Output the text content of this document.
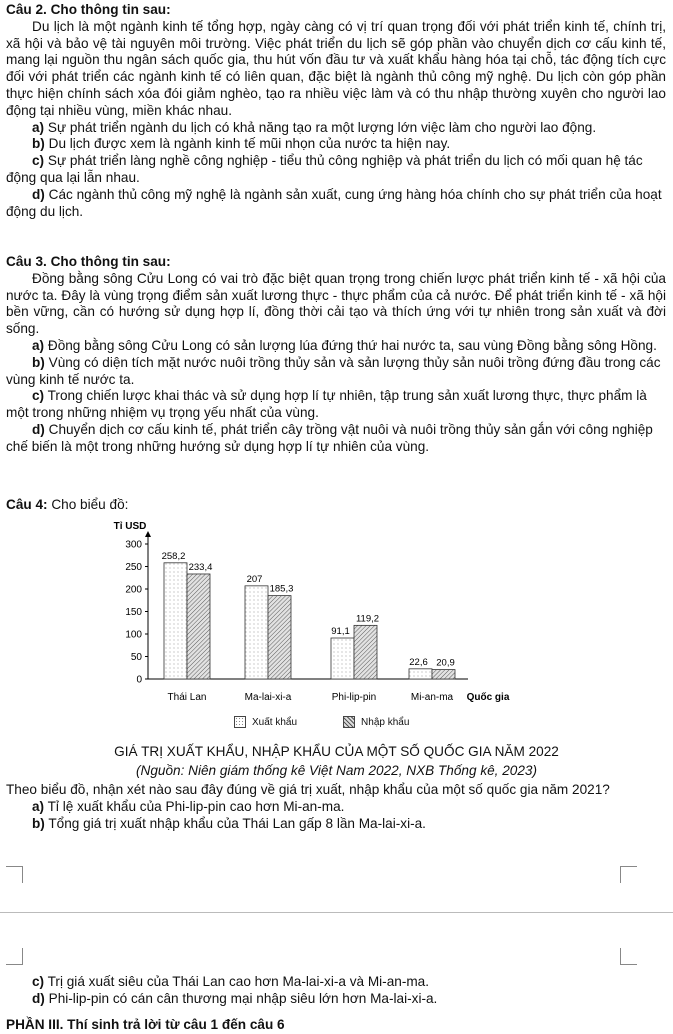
Câu 2. Cho thông tin sau:

Du lịch là một ngành kinh tế tổng hợp, ngày càng có vị trí quan trọng đối với phát triển kinh tế, chính trị, xã hội và bảo vệ tài nguyên môi trường. Việc phát triển du lịch sẽ góp phần vào chuyển dịch cơ cấu kinh tế, mang lại nguồn thu ngân sách quốc gia, thu hút vốn đầu tư và xuất khẩu hàng hóa tại chỗ, tác động tích cực đối với phát triển các ngành kinh tế có liên quan, đặc biệt là ngành thủ công mỹ nghệ. Du lịch còn góp phần thực hiện chính sách xóa đói giảm nghèo, tạo ra nhiều việc làm và có thu nhập thường xuyên cho người lao động tại nhiều vùng, miền khác nhau.

a) Sự phát triển ngành du lịch có khả năng tạo ra một lượng lớn việc làm cho người lao động.

b) Du lịch được xem là ngành kinh tế mũi nhọn của nước ta hiện nay.

c) Sự phát triển làng nghề công nghiệp - tiểu thủ công nghiệp và phát triển du lịch có mối quan hệ tác động qua lại lẫn nhau.

d) Các ngành thủ công mỹ nghệ là ngành sản xuất, cung ứng hàng hóa chính cho sự phát triển của hoạt động du lịch.

Câu 3. Cho thông tin sau:

Đồng bằng sông Cửu Long có vai trò đặc biệt quan trọng trong chiến lược phát triển kinh tế - xã hội của nước ta. Đây là vùng trọng điểm sản xuất lương thực - thực phẩm của cả nước. Để phát triển kinh tế - xã hội bền vững, cần có hướng sử dụng hợp lí, đồng thời cải tạo và thích ứng với tự nhiên trong sản xuất và đời sống.

a) Đồng bằng sông Cửu Long có sản lượng lúa đứng thứ hai nước ta, sau vùng Đồng bằng sông Hồng.

b) Vùng có diện tích mặt nước nuôi trồng thủy sản và sản lượng thủy sản nuôi trồng đứng đầu trong các vùng kinh tế nước ta.

c) Trong chiến lược khai thác và sử dụng hợp lí tự nhiên, tập trung sản xuất lương thực, thực phẩm là một trong những nhiệm vụ trọng yếu nhất của vùng.

d) Chuyển dịch cơ cấu kinh tế, phát triển cây trồng vật nuôi và nuôi trồng thủy sản gắn với công nghiệp chế biến là một trong những hướng sử dụng hợp lí tự nhiên của vùng.

Câu 4: Cho biểu đồ:

Tỉ USD
0
50
100
150
200
250
300
258,2
233,4
207
185,3
91,1
119,2
22,6 20,9
Thái Lan	Ma-lai-xi-a	Phi-lip-pin	Mi-an-ma Quốc gia
Xuất khẩu	Nhập khẩu
GIÁ TRỊ XUẤT KHẨU, NHẬP KHẨU CỦA MỘT SỐ QUỐC GIA NĂM 2022
(Nguồn: Niên giám thống kê Việt Nam 2022, NXB Thống kê, 2023)

Theo biểu đồ, nhận xét nào sau đây đúng về giá trị xuất, nhập khẩu của một số quốc gia năm 2021?

a) Tỉ lệ xuất khẩu của Phi-lip-pin cao hơn Mi-an-ma.

b) Tổng giá trị xuất nhập khẩu của Thái Lan gấp 8 lần Ma-lai-xi-a.

c) Trị giá xuất siêu của Thái Lan cao hơn Ma-lai-xi-a và Mi-an-ma.

d) Phi-lip-pin có cán cân thương mại nhập siêu lớn hơn Ma-lai-xi-a.

PHẦN III. Thí sinh trả lời từ câu 1 đến câu 6
